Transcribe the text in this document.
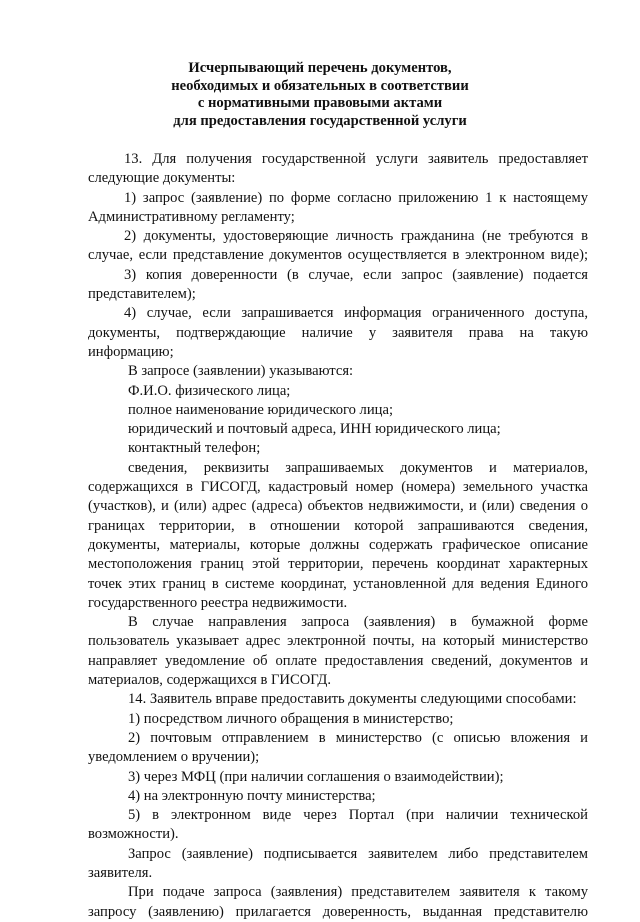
Исчерпывающий перечень документов,
необходимых и обязательных в соответствии
с нормативными правовыми актами
для предоставления государственной услуги
13. Для получения государственной услуги заявитель предоставляет
следующие документы:
1) запрос (заявление) по форме согласно приложению 1 к настоящему
Административному регламенту;
2) документы, удостоверяющие личность гражданина (не требуются в
случае, если представление документов осуществляется в электронном виде);
3) копия доверенности (в случае, если запрос (заявление) подается
представителем);
4) случае, если запрашивается информация ограниченного доступа,
документы, подтверждающие наличие у заявителя права на такую
информацию;
В запросе (заявлении) указываются:
Ф.И.О. физического лица;
полное наименование юридического лица;
юридический и почтовый адреса, ИНН юридического лица;
контактный телефон;
сведения, реквизиты запрашиваемых документов и материалов,
содержащихся в ГИСОГД, кадастровый номер (номера) земельного участка
(участков), и (или) адрес (адреса) объектов недвижимости, и (или) сведения о
границах территории, в отношении которой запрашиваются сведения,
документы, материалы, которые должны содержать графическое описание
местоположения границ этой территории, перечень координат характерных
точек этих границ в системе координат, установленной для ведения Единого
государственного реестра недвижимости.
В случае направления запроса (заявления) в бумажной форме
пользователь указывает адрес электронной почты, на который министерство
направляет уведомление об оплате предоставления сведений, документов и
материалов, содержащихся в ГИСОГД.
14. Заявитель вправе предоставить документы следующими способами:
1) посредством личного обращения в министерство;
2) почтовым отправлением в министерство (с описью вложения и
уведомлением о вручении);
3) через МФЦ (при наличии соглашения о взаимодействии);
4) на электронную почту министерства;
5) в электронном виде через Портал (при наличии технической
возможности).
Запрос (заявление) подписывается заявителем либо представителем
заявителя.
При подаче запроса (заявления) представителем заявителя к такому
запросу (заявлению) прилагается доверенность, выданная представителю
